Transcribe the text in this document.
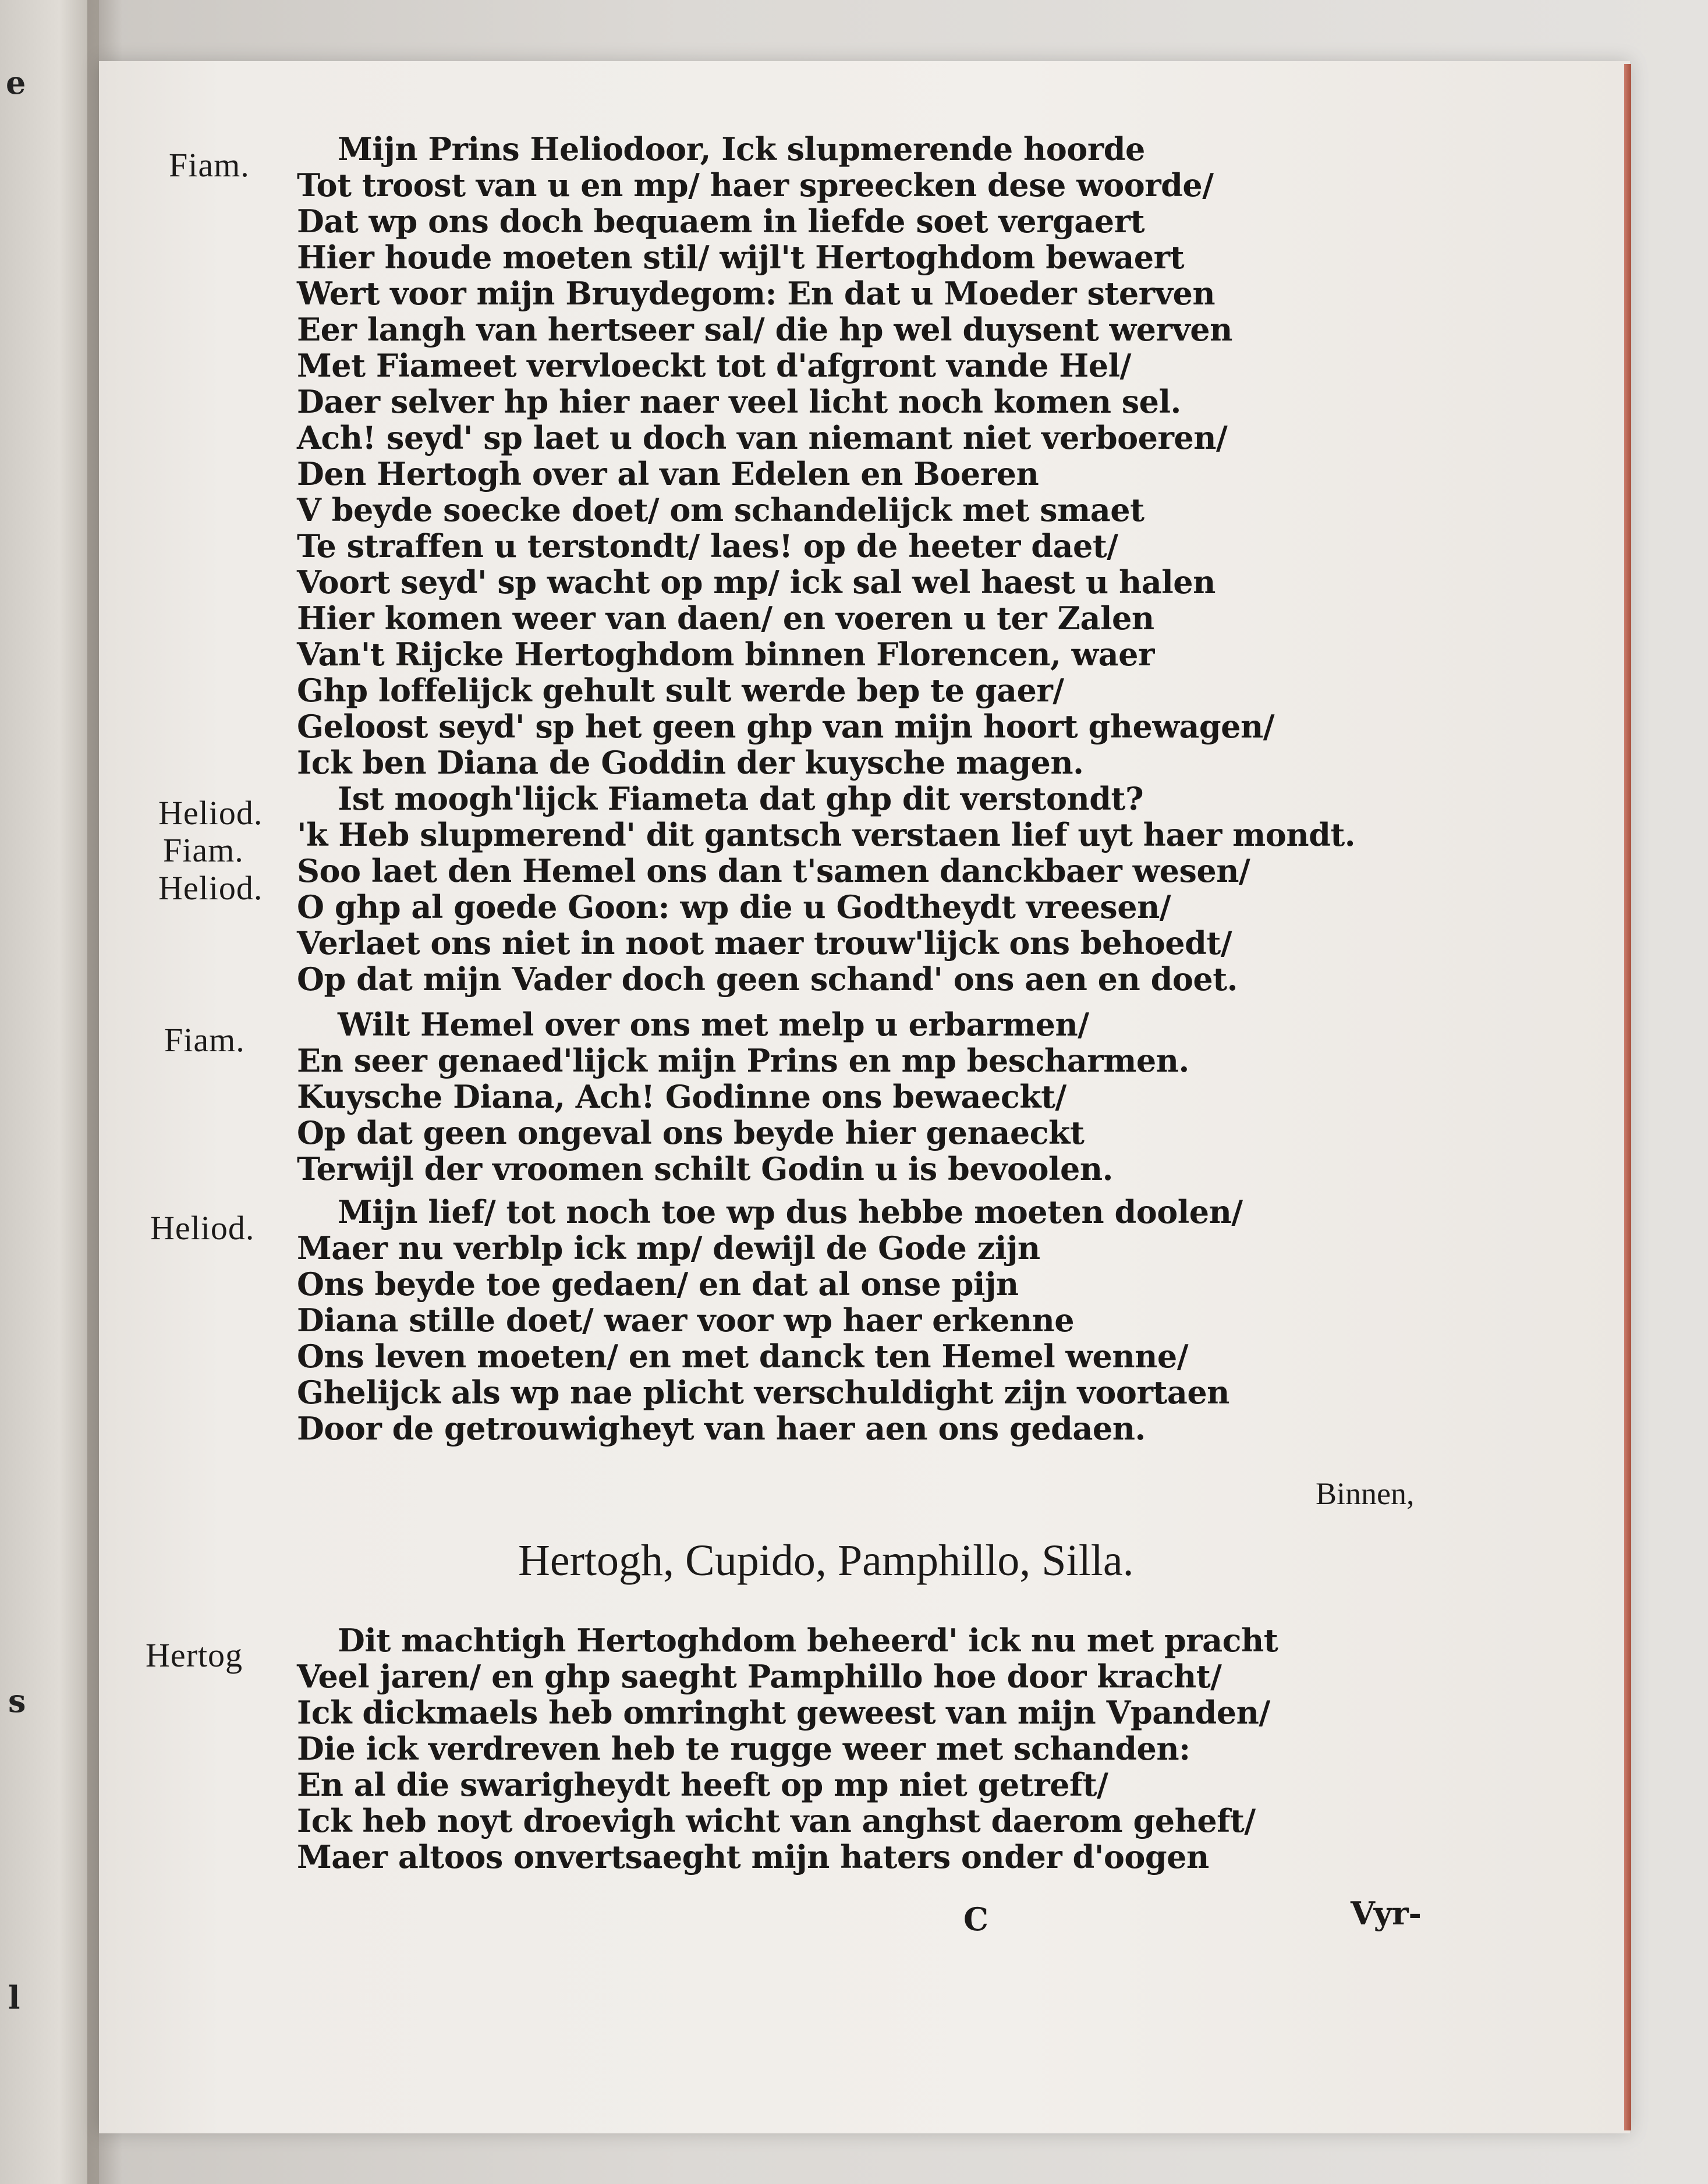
e
s
l
Fiam.
Heliod.
Fiam.
Heliod.
Fiam.
Heliod.
Hertog
Mijn Prins Heliodoor, Ick slupmerende hoorde
Tot troost van u en mp/ haer spreecken dese woorde/
Dat wp ons doch bequaem in liefde soet vergaert
Hier houde moeten stil/ wijl't Hertoghdom bewaert
Wert voor mijn Bruydegom: En dat u Moeder sterven
Eer langh van hertseer sal/ die hp wel duysent werven
Met Fiameet vervloeckt tot d'afgront vande Hel/
Daer selver hp hier naer veel licht noch komen sel.
Ach! seyd' sp laet u doch van niemant niet verboeren/
Den Hertogh over al van Edelen en Boeren
V beyde soecke doet/ om schandelijck met smaet
Te straffen u terstondt/ laes! op de heeter daet/
Voort seyd' sp wacht op mp/ ick sal wel haest u halen
Hier komen weer van daen/ en voeren u ter Zalen
Van't Rijcke Hertoghdom binnen Florencen, waer
Ghp loffelijck gehult sult werde bep te gaer/
Geloost seyd' sp het geen ghp van mijn hoort ghewagen/
Ick ben Diana de Goddin der kuysche magen.
Ist moogh'lijck Fiameta dat ghp dit verstondt?
'k Heb slupmerend' dit gantsch verstaen lief uyt haer mondt.
Soo laet den Hemel ons dan t'samen danckbaer wesen/
O ghp al goede Goon: wp die u Godtheydt vreesen/
Verlaet ons niet in noot maer trouw'lijck ons behoedt/
Op dat mijn Vader doch geen schand' ons aen en doet.
Wilt Hemel over ons met melp u erbarmen/
En seer genaed'lijck mijn Prins en mp bescharmen.
Kuysche Diana, Ach! Godinne ons bewaeckt/
Op dat geen ongeval ons beyde hier genaeckt
Terwijl der vroomen schilt Godin u is bevoolen.
Mijn lief/ tot noch toe wp dus hebbe moeten doolen/
Maer nu verblp ick mp/ dewijl de Gode zijn
Ons beyde toe gedaen/ en dat al onse pijn
Diana stille doet/ waer voor wp haer erkenne
Ons leven moeten/ en met danck ten Hemel wenne/
Ghelijck als wp nae plicht verschuldight zijn voortaen
Door de getrouwigheyt van haer aen ons gedaen.
Binnen,
Hertogh, Cupido, Pamphillo, Silla.
Dit machtigh Hertoghdom beheerd' ick nu met pracht
Veel jaren/ en ghp saeght Pamphillo hoe door kracht/
Ick dickmaels heb omringht geweest van mijn Vpanden/
Die ick verdreven heb te rugge weer met schanden:
En al die swarigheydt heeft op mp niet getreft/
Ick heb noyt droevigh wicht van anghst daerom geheft/
Maer altoos onvertsaeght mijn haters onder d'oogen
C	Vyr-
